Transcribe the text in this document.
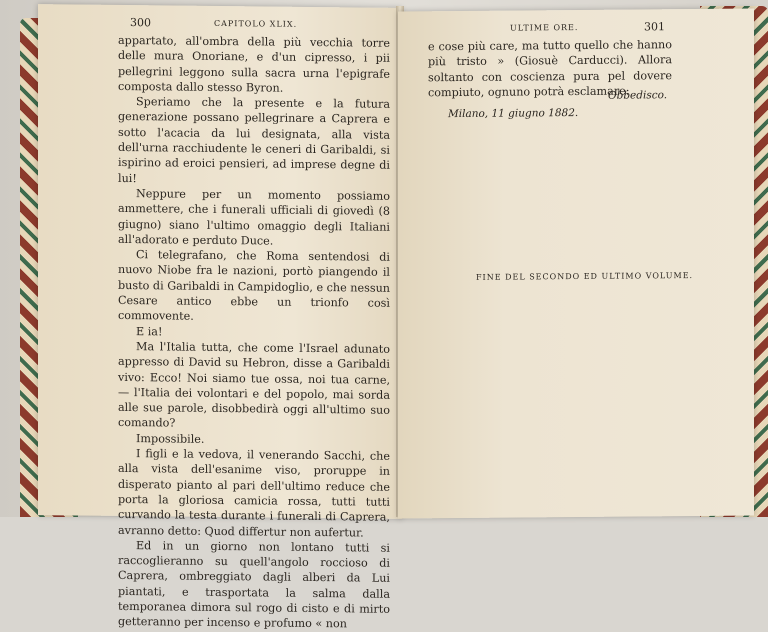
300	CAPITOLO XLIX.

appartato, all'ombra della più vecchia torre delle mura Onoriane, e d'un cipresso, i pii pellegrini leggono sulla sacra urna l'epigrafe composta dallo stesso Byron.

Speriamo che la presente e la futura generazione possano pellegrinare a Caprera e sotto l'acacia da lui designata, alla vista dell'urna racchiudente le ceneri di Garibaldi, si ispirino ad eroici pensieri, ad imprese degne di lui!

Neppure per un momento possiamo ammettere, che i funerali ufficiali di giovedì (8 giugno) siano l'ultimo omaggio degli Italiani all'adorato e perduto Duce.

Ci telegrafano, che Roma sentendosi di nuovo Niobe fra le nazioni, portò piangendo il busto di Garibaldi in Campidoglio, e che nessun Cesare antico ebbe un trionfo così commovente.

E ia!

Ma l'Italia tutta, che come l'Israel adunato appresso di David su Hebron, disse a Garibaldi vivo: Ecco! Noi siamo tue ossa, noi tua carne, — l'Italia dei volontari e del popolo, mai sorda alle sue parole, disobbedirà oggi all'ultimo suo comando?

Impossibile.

I figli e la vedova, il venerando Sacchi, che alla vista dell'esanime viso, proruppe in disperato pianto al pari dell'ultimo reduce che porta la gloriosa camicia rossa, tutti tutti curvando la testa durante i funerali di Caprera, avranno detto: Quod differtur non aufertur.

Ed in un giorno non lontano tutti si raccoglieranno su quell'angolo roccioso di Caprera, ombreggiato dagli alberi da Lui piantati, e trasportata la salma dalla temporanea dimora sul rogo di cisto e di mirto getteranno per incenso e profumo « non

ULTIME ORE.	301

e cose più care, ma tutto quello che hanno più tristo » (Giosuè Carducci). Allora soltanto con coscienza pura pel dovere compiuto, ognuno potrà esclamare:

Obbedisco.
Milano, 11 giugno 1882.
FINE DEL SECONDO ED ULTIMO VOLUME.
